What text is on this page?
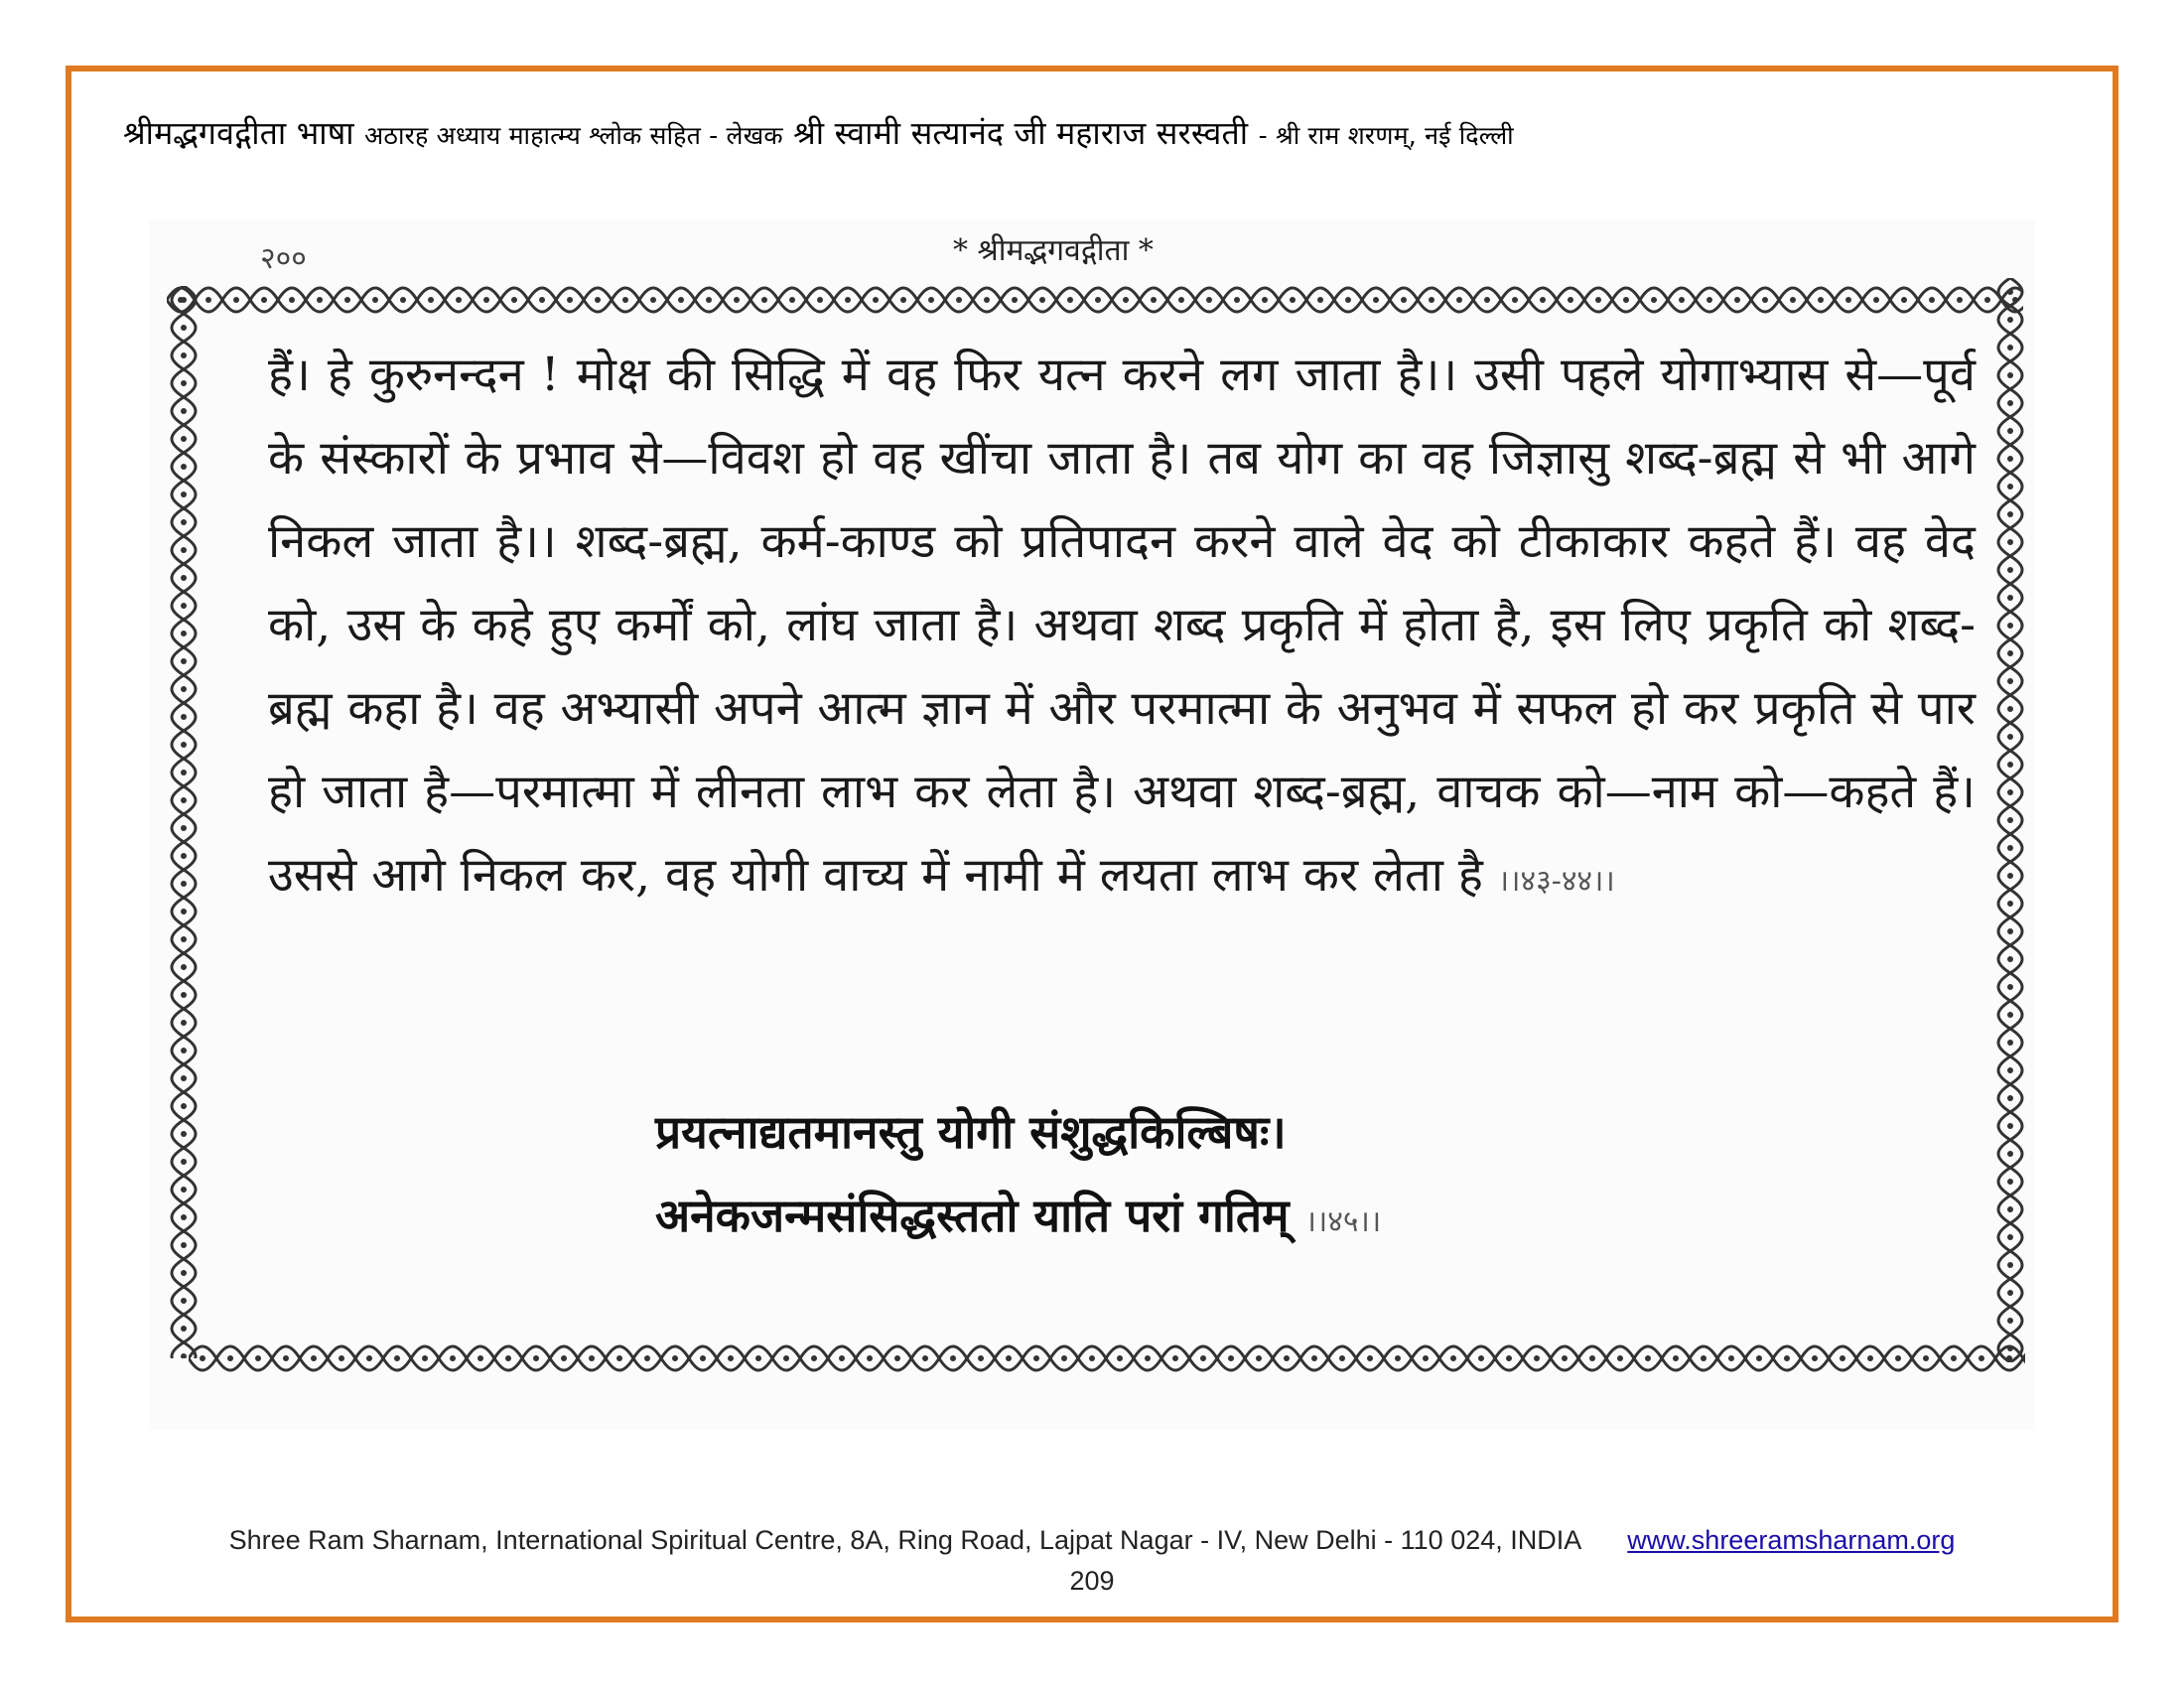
श्रीमद्भगवद्गीता भाषा अठारह अध्याय माहात्म्य श्लोक सहित - लेखक श्री स्वामी सत्यानंद जी महाराज सरस्वती - श्री राम शरणम्, नई दिल्ली
२००	* श्रीमद्भगवद्गीता *

हैं। हे कुरुनन्दन ! मोक्ष की सिद्धि में वह फिर यत्न करने लग जाता है।। उसी पहले योगाभ्यास से—पूर्व के संस्कारों के प्रभाव से—विवश हो वह खींचा जाता है। तब योग का वह जिज्ञासु शब्द-ब्रह्म से भी आगे निकल जाता है।। शब्द-ब्रह्म, कर्म-काण्ड को प्रतिपादन करने वाले वेद को टीकाकार कहते हैं। वह वेद को, उस के कहे हुए कर्मों को, लांघ जाता है। अथवा शब्द प्रकृति में होता है, इस लिए प्रकृति को शब्द-ब्रह्म कहा है। वह अभ्यासी अपने आत्म ज्ञान में और परमात्मा के अनुभव में सफल हो कर प्रकृति से पार हो जाता है—परमात्मा में लीनता लाभ कर लेता है। अथवा शब्द-ब्रह्म, वाचक को—नाम को—कहते हैं। उससे आगे निकल कर, वह योगी वाच्य में नामी में लयता लाभ कर लेता है ।।४३-४४।।

प्रयत्नाद्यतमानस्तु योगी संशुद्धकिल्बिषः।
अनेकजन्मसंसिद्धस्ततो याति परां गतिम् ।।४५।।
Shree Ram Sharnam, International Spiritual Centre, 8A, Ring Road, Lajpat Nagar - IV, New Delhi - 110 024, INDIA www.shreeramsharnam.org
209
